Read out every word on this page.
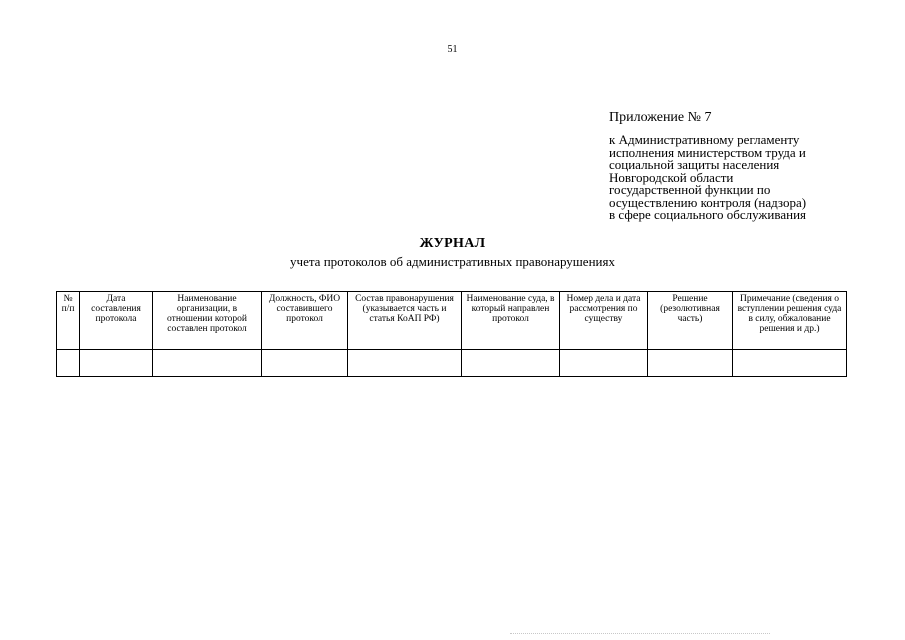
51
Приложение № 7
к Административному регламенту
исполнения министерством труда и
социальной защиты населения
Новгородской области
государственной функции по
осуществлению контроля (надзора)
в сфере социального обслуживания
ЖУРНАЛ
учета протоколов об административных правонарушениях
№ п/п	Дата составления протокола	Наименование организации, в отношении которой составлен протокол	Должность, ФИО составившего протокол	Состав правонарушения (указывается часть и статья КоАП РФ)	Наименование суда, в который направлен протокол	Номер дела и дата рассмотрения по существу	Решение (резолютивная часть)	Примечание (сведения о вступлении решения суда в силу, обжалование решения и др.)
